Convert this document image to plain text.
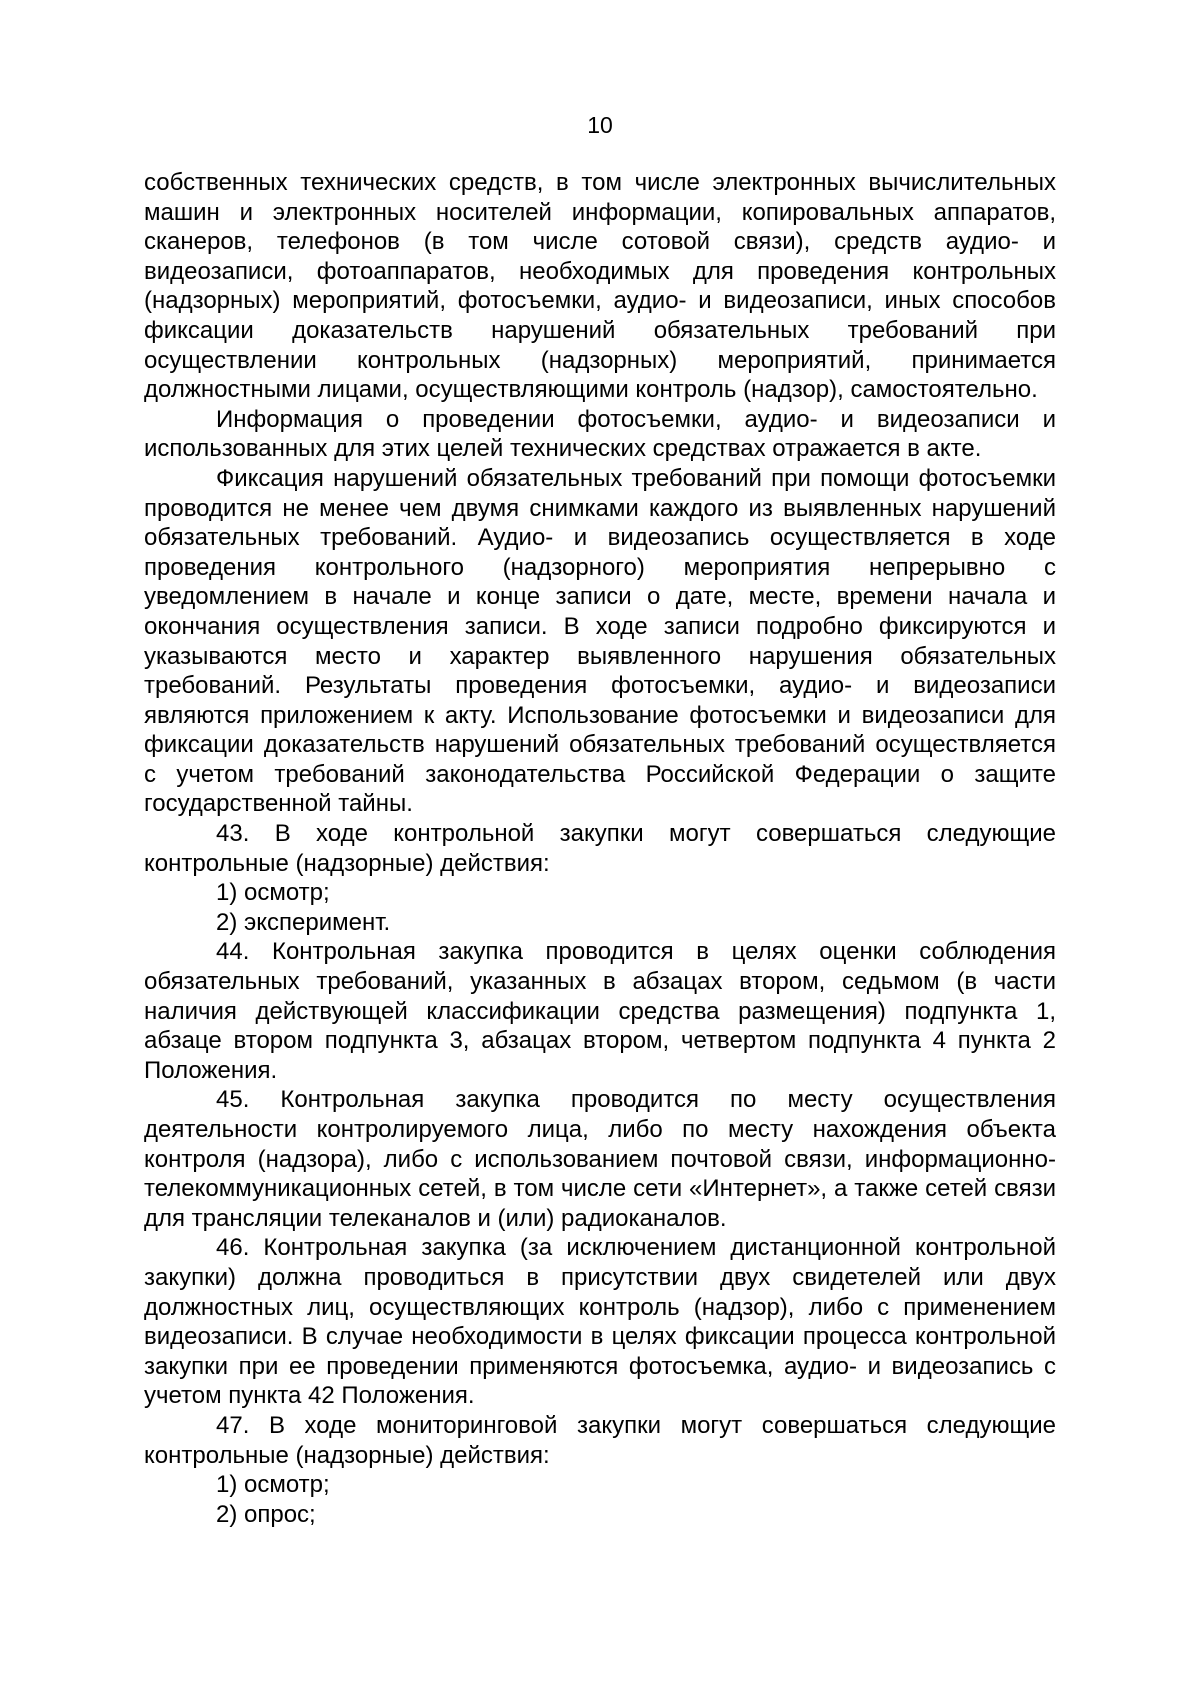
10

собственных технических средств, в том числе электронных вычислительных машин и электронных носителей информации, копировальных аппаратов, сканеров, телефонов (в том числе сотовой связи), средств аудио- и видеозаписи, фотоаппаратов, необходимых для проведения контрольных (надзорных) мероприятий, фотосъемки, аудио- и видеозаписи, иных способов фиксации доказательств нарушений обязательных требований при осуществлении контрольных (надзорных) мероприятий, принимается должностными лицами, осуществляющими контроль (надзор), самостоятельно.

Информация о проведении фотосъемки, аудио- и видеозаписи и использованных для этих целей технических средствах отражается в акте.

Фиксация нарушений обязательных требований при помощи фотосъемки проводится не менее чем двумя снимками каждого из выявленных нарушений обязательных требований. Аудио- и видеозапись осуществляется в ходе проведения контрольного (надзорного) мероприятия непрерывно с уведомлением в начале и конце записи о дате, месте, времени начала и окончания осуществления записи. В ходе записи подробно фиксируются и указываются место и характер выявленного нарушения обязательных требований. Результаты проведения фотосъемки, аудио- и видеозаписи являются приложением к акту. Использование фотосъемки и видеозаписи для фиксации доказательств нарушений обязательных требований осуществляется с учетом требований законодательства Российской Федерации о защите государственной тайны.

43. В ходе контрольной закупки могут совершаться следующие контрольные (надзорные) действия:

1) осмотр;

2) эксперимент.

44. Контрольная закупка проводится в целях оценки соблюдения обязательных требований, указанных в абзацах втором, седьмом (в части наличия действующей классификации средства размещения) подпункта 1, абзаце втором подпункта 3, абзацах втором, четвертом подпункта 4 пункта 2 Положения.

45. Контрольная закупка проводится по месту осуществления деятельности контролируемого лица, либо по месту нахождения объекта контроля (надзора), либо с использованием почтовой связи, информационно-телекоммуникационных сетей, в том числе сети «Интернет», а также сетей связи для трансляции телеканалов и (или) радиоканалов.

46. Контрольная закупка (за исключением дистанционной контрольной закупки) должна проводиться в присутствии двух свидетелей или двух должностных лиц, осуществляющих контроль (надзор), либо с применением видеозаписи. В случае необходимости в целях фиксации процесса контрольной закупки при ее проведении применяются фотосъемка, аудио- и видеозапись с учетом пункта 42 Положения.

47. В ходе мониторинговой закупки могут совершаться следующие контрольные (надзорные) действия:

1) осмотр;

2) опрос;
